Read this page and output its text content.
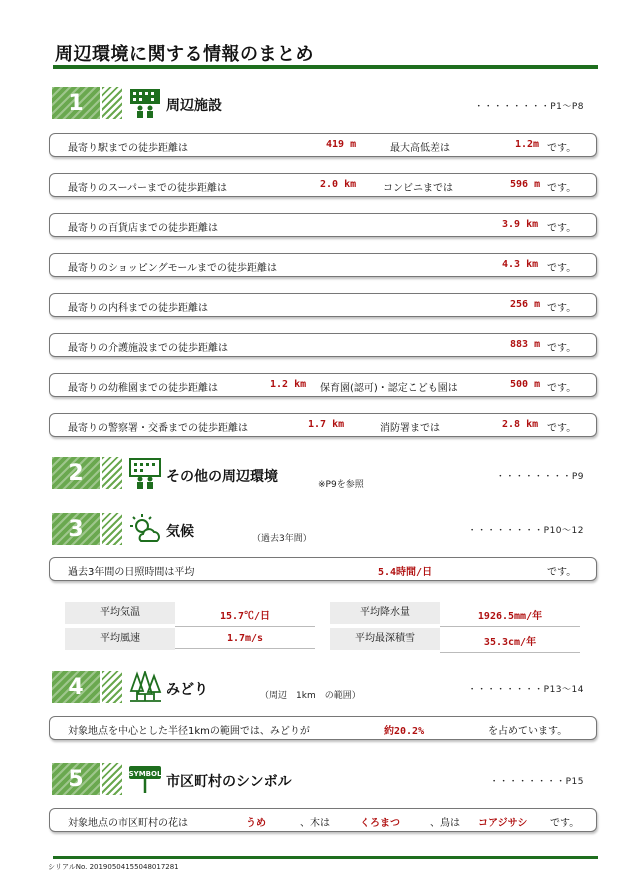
周辺環境に関する情報のまとめ
1	周辺施設	・・・・・・・・P1～P8
最寄り駅までの徒歩距離は	419 m	最大高低差は	1.2m です。
最寄りのスーパーまでの徒歩距離は	2.0 km	コンビニまでは	596 m です。
最寄りの百貨店までの徒歩距離は	3.9 km です。
最寄りのショッピングモールまでの徒歩距離は	4.3 km です。
最寄りの内科までの徒歩距離は	256 m です。
最寄りの介護施設までの徒歩距離は	883 m です。
最寄りの幼稚園までの徒歩距離は	1.2 km 保育園(認可)・認定こども園は	500 m です。
最寄りの警察署・交番までの徒歩距離は	1.7 km	消防署までは	2.8 km です。
2	その他の周辺環境	※P9を参照
・・・・・・・・P9
3	気候	（過去3年間）
・・・・・・・・P10～12
過去3年間の日照時間は平均	5.4時間/日	です。
平均気温	15.7℃/日	平均降水量	1926.5mm/年
平均風速	1.7m/s	平均最深積雪	35.3cm/年
4	みどり	（周辺　1km　の範囲）
・・・・・・・・P13～14
対象地点を中心とした半径1kmの範囲では、みどりが	約20.2%	を占めています。
5	SYMBOL 市区町村のシンボル	・・・・・・・・P15
対象地点の市区町村の花は	うめ	、木は	くろまつ	、鳥は コアジサシ です。
シリアルNo. 20190504155048017281
